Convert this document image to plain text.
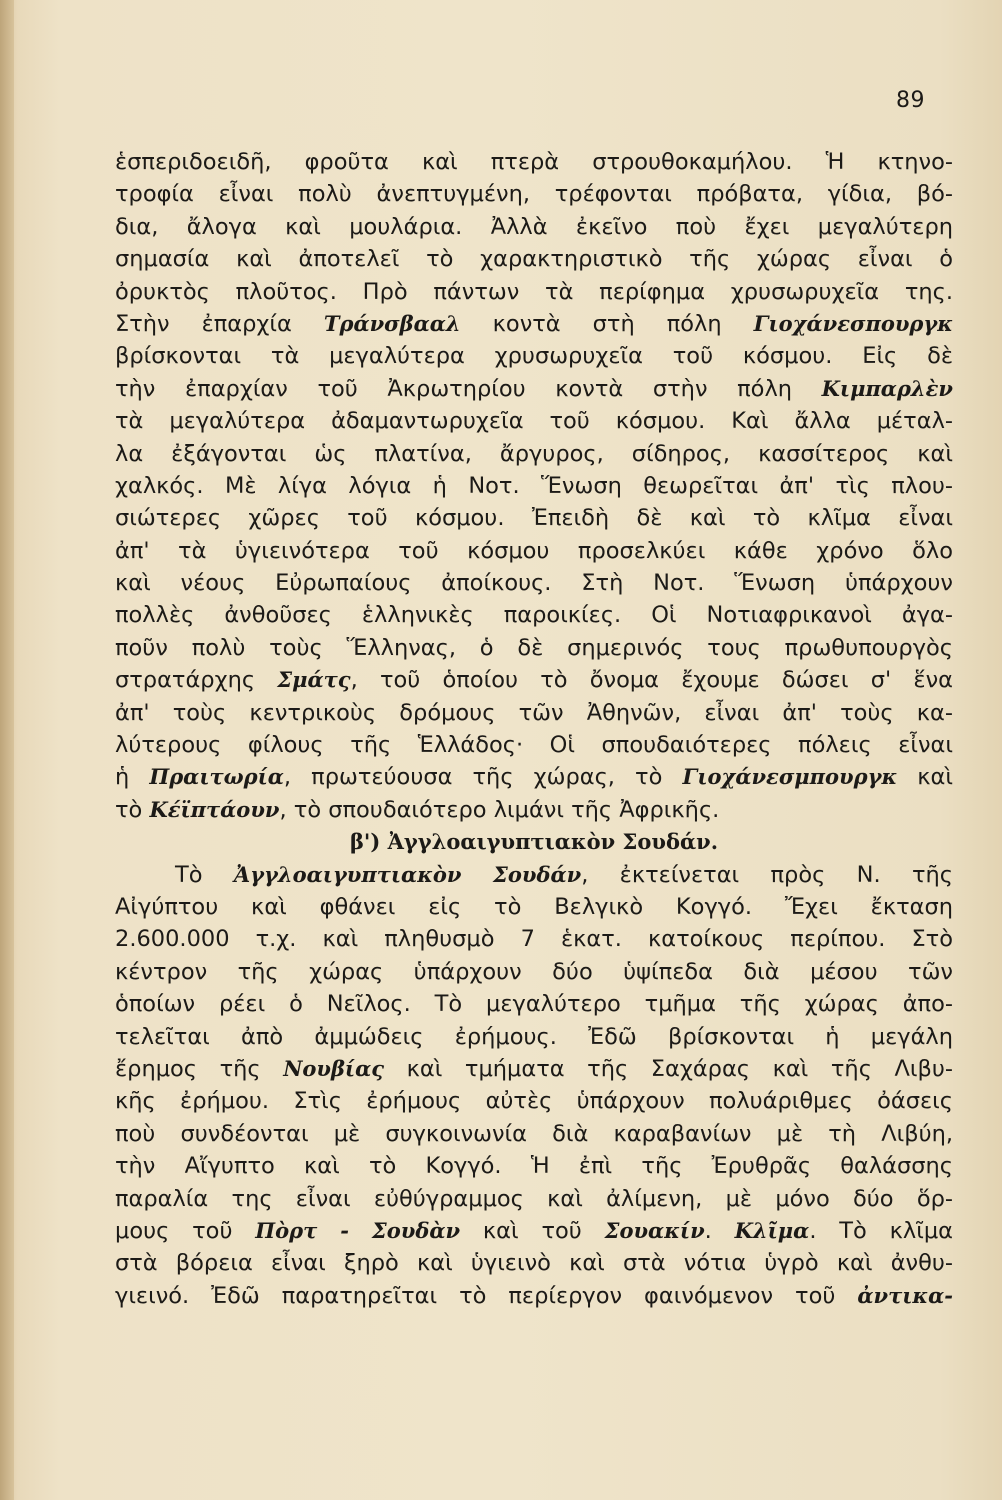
89
ἑσπεριδοειδῆ, φροῦτα καὶ πτερὰ στρουθοκαμήλου. Ἡ κτηνο-
τροφία εἶναι πολὺ ἀνεπτυγμένη, τρέφονται πρόβατα, γίδια, βό-
δια, ἄλογα καὶ μουλάρια. Ἀλλὰ ἐκεῖνο ποὺ ἔχει μεγαλύτερη
σημασία καὶ ἀποτελεῖ τὸ χαρακτηριστικὸ τῆς χώρας εἶναι ὁ
ὀρυκτὸς πλοῦτος. Πρὸ πάντων τὰ περίφημα χρυσωρυχεῖα της.
Στὴν ἐπαρχία Τράνσβααλ κοντὰ στὴ πόλη Γιοχάνεσπουργκ
βρίσκονται τὰ μεγαλύτερα χρυσωρυχεῖα τοῦ κόσμου. Εἰς δὲ
τὴν ἐπαρχίαν τοῦ Ἀκρωτηρίου κοντὰ στὴν πόλη Κιμπαρλὲν
τὰ μεγαλύτερα ἀδαμαντωρυχεῖα τοῦ κόσμου. Καὶ ἄλλα μέταλ-
λα ἐξάγονται ὡς πλατίνα, ἄργυρος, σίδηρος, κασσίτερος καὶ
χαλκός. Μὲ λίγα λόγια ἡ Νοτ. Ἕνωση θεωρεῖται ἀπ' τὶς πλου-
σιώτερες χῶρες τοῦ κόσμου. Ἐπειδὴ δὲ καὶ τὸ κλῖμα εἶναι
ἀπ' τὰ ὑγιεινότερα τοῦ κόσμου προσελκύει κάθε χρόνο ὅλο
καὶ νέους Εὐρωπαίους ἀποίκους. Στὴ Νοτ. Ἕνωση ὑπάρχουν
πολλὲς ἀνθοῦσες ἑλληνικὲς παροικίες. Οἱ Νοτιαφρικανοὶ ἀγα-
ποῦν πολὺ τοὺς Ἕλληνας, ὁ δὲ σημερινός τους πρωθυπουργὸς
στρατάρχης Σμάτς, τοῦ ὁποίου τὸ ὄνομα ἔχουμε δώσει σ' ἕνα
ἀπ' τοὺς κεντρικοὺς δρόμους τῶν Ἀθηνῶν, εἶναι ἀπ' τοὺς κα-
λύτερους φίλους τῆς Ἑλλάδος· Οἱ σπουδαιότερες πόλεις εἶναι
ἡ Πραιτωρία, πρωτεύουσα τῆς χώρας, τὸ Γιοχάνεσμπουργκ καὶ
τὸ Κέϊπτάουν, τὸ σπουδαιότερο λιμάνι τῆς Ἀφρικῆς.
β') Ἀγγλοαιγυπτιακὸν Σουδάν.
Τὸ Ἀγγλοαιγυπτιακὸν Σουδάν, ἐκτείνεται πρὸς Ν. τῆς
Αἰγύπτου καὶ φθάνει εἰς τὸ Βελγικὸ Κογγό. Ἔχει ἔκταση
2.600.000 τ.χ. καὶ πληθυσμὸ 7 ἑκατ. κατοίκους περίπου. Στὸ
κέντρον τῆς χώρας ὑπάρχουν δύο ὑψίπεδα διὰ μέσου τῶν
ὁποίων ρέει ὁ Νεῖλος. Τὸ μεγαλύτερο τμῆμα τῆς χώρας ἀπο-
τελεῖται ἀπὸ ἀμμώδεις ἐρήμους. Ἐδῶ βρίσκονται ἡ μεγάλη
ἔρημος τῆς Νουβίας καὶ τμήματα τῆς Σαχάρας καὶ τῆς Λιβυ-
κῆς ἐρήμου. Στὶς ἐρήμους αὐτὲς ὑπάρχουν πολυάριθμες ὀάσεις
ποὺ συνδέονται μὲ συγκοινωνία διὰ καραβανίων μὲ τὴ Λιβύη,
τὴν Αἴγυπτο καὶ τὸ Κογγό. Ἡ ἐπὶ τῆς Ἐρυθρᾶς θαλάσσης
παραλία της εἶναι εὐθύγραμμος καὶ ἀλίμενη, μὲ μόνο δύο ὅρ-
μους τοῦ Πὸρτ - Σουδὰν καὶ τοῦ Σουακίν. Κλῖμα. Τὸ κλῖμα
στὰ βόρεια εἶναι ξηρὸ καὶ ὑγιεινὸ καὶ στὰ νότια ὑγρὸ καὶ ἀνθυ-
γιεινό. Ἐδῶ παρατηρεῖται τὸ περίεργον φαινόμενον τοῦ ἀντικα-
